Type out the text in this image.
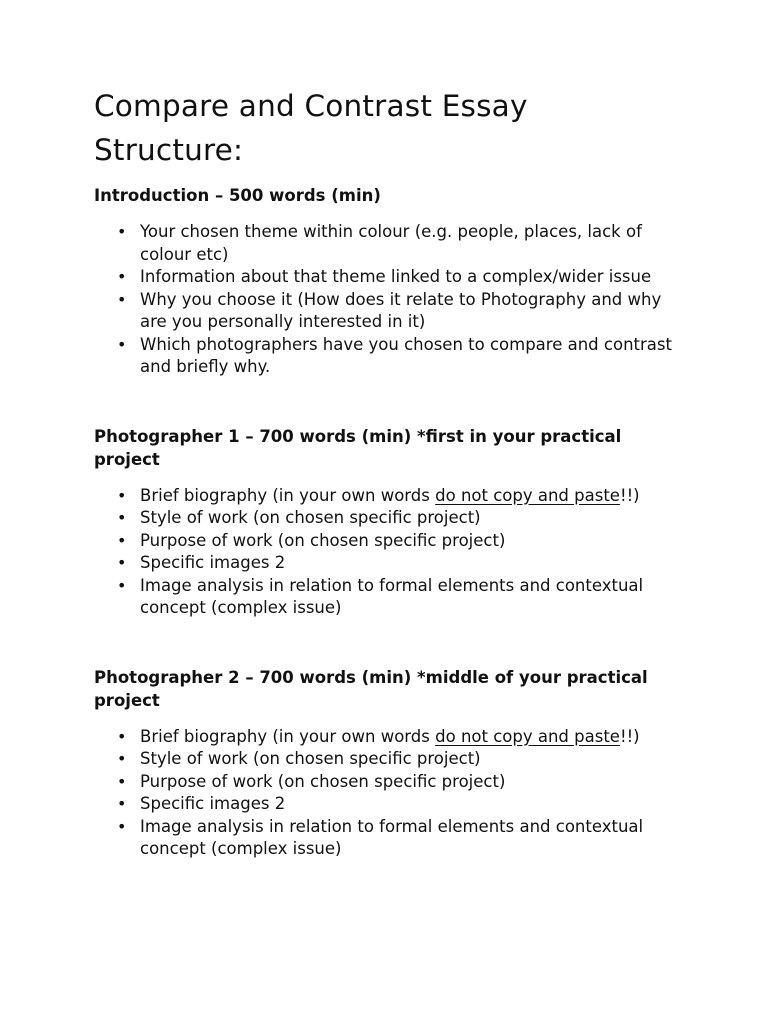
Compare and Contrast Essay Structure:

Introduction – 500 words (min)

• Your chosen theme within colour (e.g. people, places, lack of colour etc)
• Information about that theme linked to a complex/wider issue
• Why you choose it (How does it relate to Photography and why are you personally interested in it)
• Which photographers have you chosen to compare and contrast and briefly why.

Photographer 1 – 700 words (min) *first in your practical project

• Brief biography (in your own words do not copy and paste!!)
• Style of work (on chosen specific project)
• Purpose of work (on chosen specific project)
• Specific images 2
• Image analysis in relation to formal elements and contextual concept (complex issue)

Photographer 2 – 700 words (min) *middle of your practical project

• Brief biography (in your own words do not copy and paste!!)
• Style of work (on chosen specific project)
• Purpose of work (on chosen specific project)
• Specific images 2
• Image analysis in relation to formal elements and contextual concept (complex issue)
